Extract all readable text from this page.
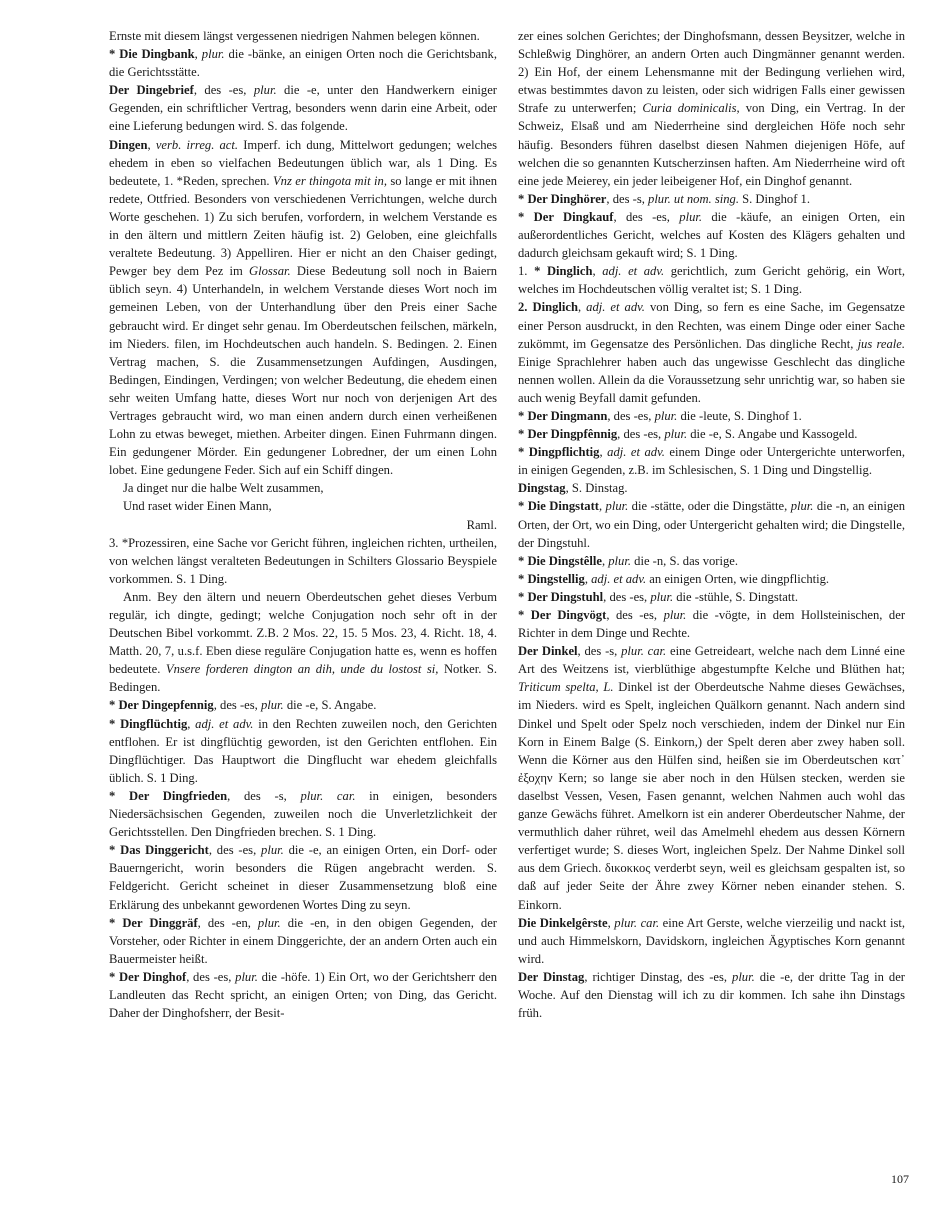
Ernste mit diesem längst vergessenen niedrigen Nahmen belegen können.

* Die Dingbank, plur. die -bänke, an einigen Orten noch die Gerichtsbank, die Gerichtsstätte.

Der Dingebrief, des -es, plur. die -e, unter den Handwerkern einiger Gegenden, ein schriftlicher Vertrag, besonders wenn darin eine Arbeit, oder eine Lieferung bedungen wird. S. das folgende.

Dingen, verb. irreg. act. Imperf. ich dung, Mittelwort gedungen; welches ehedem in eben so vielfachen Bedeutungen üblich war, als 1 Ding. Es bedeutete, 1. *Reden, sprechen. Vnz er thingota mit in, so lange er mit ihnen redete, Ottfried. Besonders von verschiedenen Verrichtungen, welche durch Worte geschehen. 1) Zu sich berufen, vorfordern, in welchem Verstande es in den ältern und mittlern Zeiten häufig ist. 2) Geloben, eine gleichfalls veraltete Bedeutung. 3) Appelliren. Hier er nicht an den Chaiser gedingt, Pewger bey dem Pez im Glossar. Diese Bedeutung soll noch in Baiern üblich seyn. 4) Unterhandeln, in welchem Verstande dieses Wort noch im gemeinen Leben, von der Unterhandlung über den Preis einer Sache gebraucht wird. Er dinget sehr genau. Im Oberdeutschen feilschen, märkeln, im Nieders. filen, im Hochdeutschen auch handeln. S. Bedingen. 2. Einen Vertrag machen, S. die Zusammensetzungen Aufdingen, Ausdingen, Bedingen, Eindingen, Verdingen; von welcher Bedeutung, die ehedem einen sehr weiten Umfang hatte, dieses Wort nur noch von derjenigen Art des Vertrages gebraucht wird, wo man einen andern durch einen verheißenen Lohn zu etwas beweget, miethen. Arbeiter dingen. Einen Fuhrmann dingen. Ein gedungener Mörder. Ein gedungener Lobredner, der um einen Lohn lobet. Eine gedungene Feder. Sich auf ein Schiff dingen.

Ja dinget nur die halbe Welt zusammen,

Und raset wider Einen Mann,

Raml.

3. *Prozessiren, eine Sache vor Gericht führen, ingleichen richten, urtheilen, von welchen längst veralteten Bedeutungen in Schilters Glossario Beyspiele vorkommen. S. 1 Ding.

Anm. Bey den ältern und neuern Oberdeutschen gehet dieses Verbum regulär, ich dingte, gedingt; welche Conjugation noch sehr oft in der Deutschen Bibel vorkommt. Z.B. 2 Mos. 22, 15. 5 Mos. 23, 4. Richt. 18, 4. Matth. 20, 7, u.s.f. Eben diese reguläre Conjugation hatte es, wenn es hoffen bedeutete. Vnsere forderen dington an dih, unde du lostost si, Notker. S. Bedingen.

* Der Dingepfennig, des -es, plur. die -e, S. Angabe.

* Dingflüchtig, adj. et adv. in den Rechten zuweilen noch, den Gerichten entflohen. Er ist dingflüchtig geworden, ist den Gerichten entflohen. Ein Dingflüchtiger. Das Hauptwort die Dingflucht war ehedem gleichfalls üblich. S. 1 Ding.

* Der Dingfrieden, des -s, plur. car. in einigen, besonders Niedersächsischen Gegenden, zuweilen noch die Unverletzlichkeit der Gerichtsstellen. Den Dingfrieden brechen. S. 1 Ding.

* Das Dinggericht, des -es, plur. die -e, an einigen Orten, ein Dorf- oder Bauerngericht, worin besonders die Rügen angebracht werden. S. Feldgericht. Gericht scheinet in dieser Zusammensetzung bloß eine Erklärung des unbekannt gewordenen Wortes Ding zu seyn.

* Der Dinggräf, des -en, plur. die -en, in den obigen Gegenden, der Vorsteher, oder Richter in einem Dinggerichte, der an andern Orten auch ein Bauermeister heißt.

* Der Dinghof, des -es, plur. die -höfe. 1) Ein Ort, wo der Gerichtsherr den Landleuten das Recht spricht, an einigen Orten; von Ding, das Gericht. Daher der Dinghofsherr, der Besit-

zer eines solchen Gerichtes; der Dinghofsmann, dessen Beysitzer, welche in Schleßwig Dinghörer, an andern Orten auch Dingmänner genannt werden. 2) Ein Hof, der einem Lehensmanne mit der Bedingung verliehen wird, etwas bestimmtes davon zu leisten, oder sich widrigen Falls einer gewissen Strafe zu unterwerfen; Curia dominicalis, von Ding, ein Vertrag. In der Schweiz, Elsaß und am Niederrheine sind dergleichen Höfe noch sehr häufig. Besonders führen daselbst diesen Nahmen diejenigen Höfe, auf welchen die so genannten Kutscherzinsen haften. Am Niederrheine wird oft eine jede Meierey, ein jeder leibeigener Hof, ein Dinghof genannt.

* Der Dinghörer, des -s, plur. ut nom. sing. S. Dinghof 1.

* Der Dingkauf, des -es, plur. die -käufe, an einigen Orten, ein außerordentliches Gericht, welches auf Kosten des Klägers gehalten und dadurch gleichsam gekauft wird; S. 1 Ding.

1. * Dinglich, adj. et adv. gerichtlich, zum Gericht gehörig, ein Wort, welches im Hochdeutschen völlig veraltet ist; S. 1 Ding.

2. Dinglich, adj. et adv. von Ding, so fern es eine Sache, im Gegensatze einer Person ausdruckt, in den Rechten, was einem Dinge oder einer Sache zukömmt, im Gegensatze des Persönlichen. Das dingliche Recht, jus reale. Einige Sprachlehrer haben auch das ungewisse Geschlecht das dingliche nennen wollen. Allein da die Voraussetzung sehr unrichtig war, so haben sie auch wenig Beyfall damit gefunden.

* Der Dingmann, des -es, plur. die -leute, S. Dinghof 1.

* Der Dingpfênnig, des -es, plur. die -e, S. Angabe und Kassogeld.

* Dingpflichtig, adj. et adv. einem Dinge oder Untergerichte unterworfen, in einigen Gegenden, z.B. im Schlesischen, S. 1 Ding und Dingstellig.

Dingstag, S. Dinstag.

* Die Dingstatt, plur. die -stätte, oder die Dingstätte, plur. die -n, an einigen Orten, der Ort, wo ein Ding, oder Untergericht gehalten wird; die Dingstelle, der Dingstuhl.

* Die Dingstêlle, plur. die -n, S. das vorige.

* Dingstellig, adj. et adv. an einigen Orten, wie dingpflichtig.

* Der Dingstuhl, des -es, plur. die -stühle, S. Dingstatt.

* Der Dingvögt, des -es, plur. die -vögte, in dem Hollsteinischen, der Richter in dem Dinge und Rechte.

Der Dinkel, des -s, plur. car. eine Getreideart, welche nach dem Linné eine Art des Weitzens ist, vierblüthige abgestumpfte Kelche und Blüthen hat; Triticum spelta, L. Dinkel ist der Oberdeutsche Nahme dieses Gewächses, im Nieders. wird es Spelt, ingleichen Quälkorn genannt. Nach andern sind Dinkel und Spelt oder Spelz noch verschieden, indem der Dinkel nur Ein Korn in Einem Balge (S. Einkorn,) der Spelt deren aber zwey haben soll. Wenn die Körner aus den Hülfen sind, heißen sie im Oberdeutschen κατ᾽ ἐξοχην Kern; so lange sie aber noch in den Hülsen stecken, werden sie daselbst Vessen, Vesen, Fasen genannt, welchen Nahmen auch wohl das ganze Gewächs führet. Amelkorn ist ein anderer Oberdeutscher Nahme, der vermuthlich daher rühret, weil das Amelmehl ehedem aus dessen Körnern verfertiget wurde; S. dieses Wort, ingleichen Spelz. Der Nahme Dinkel soll aus dem Griech. δικοκκος verderbt seyn, weil es gleichsam gespalten ist, so daß auf jeder Seite der Ähre zwey Körner neben einander stehen. S. Einkorn.

Die Dinkelgêrste, plur. car. eine Art Gerste, welche vierzeilig und nackt ist, und auch Himmelskorn, Davidskorn, ingleichen Ägyptisches Korn genannt wird.

Der Dinstag, richtiger Dinstag, des -es, plur. die -e, der dritte Tag in der Woche. Auf den Dienstag will ich zu dir kommen. Ich sahe ihn Dinstags früh.

107
